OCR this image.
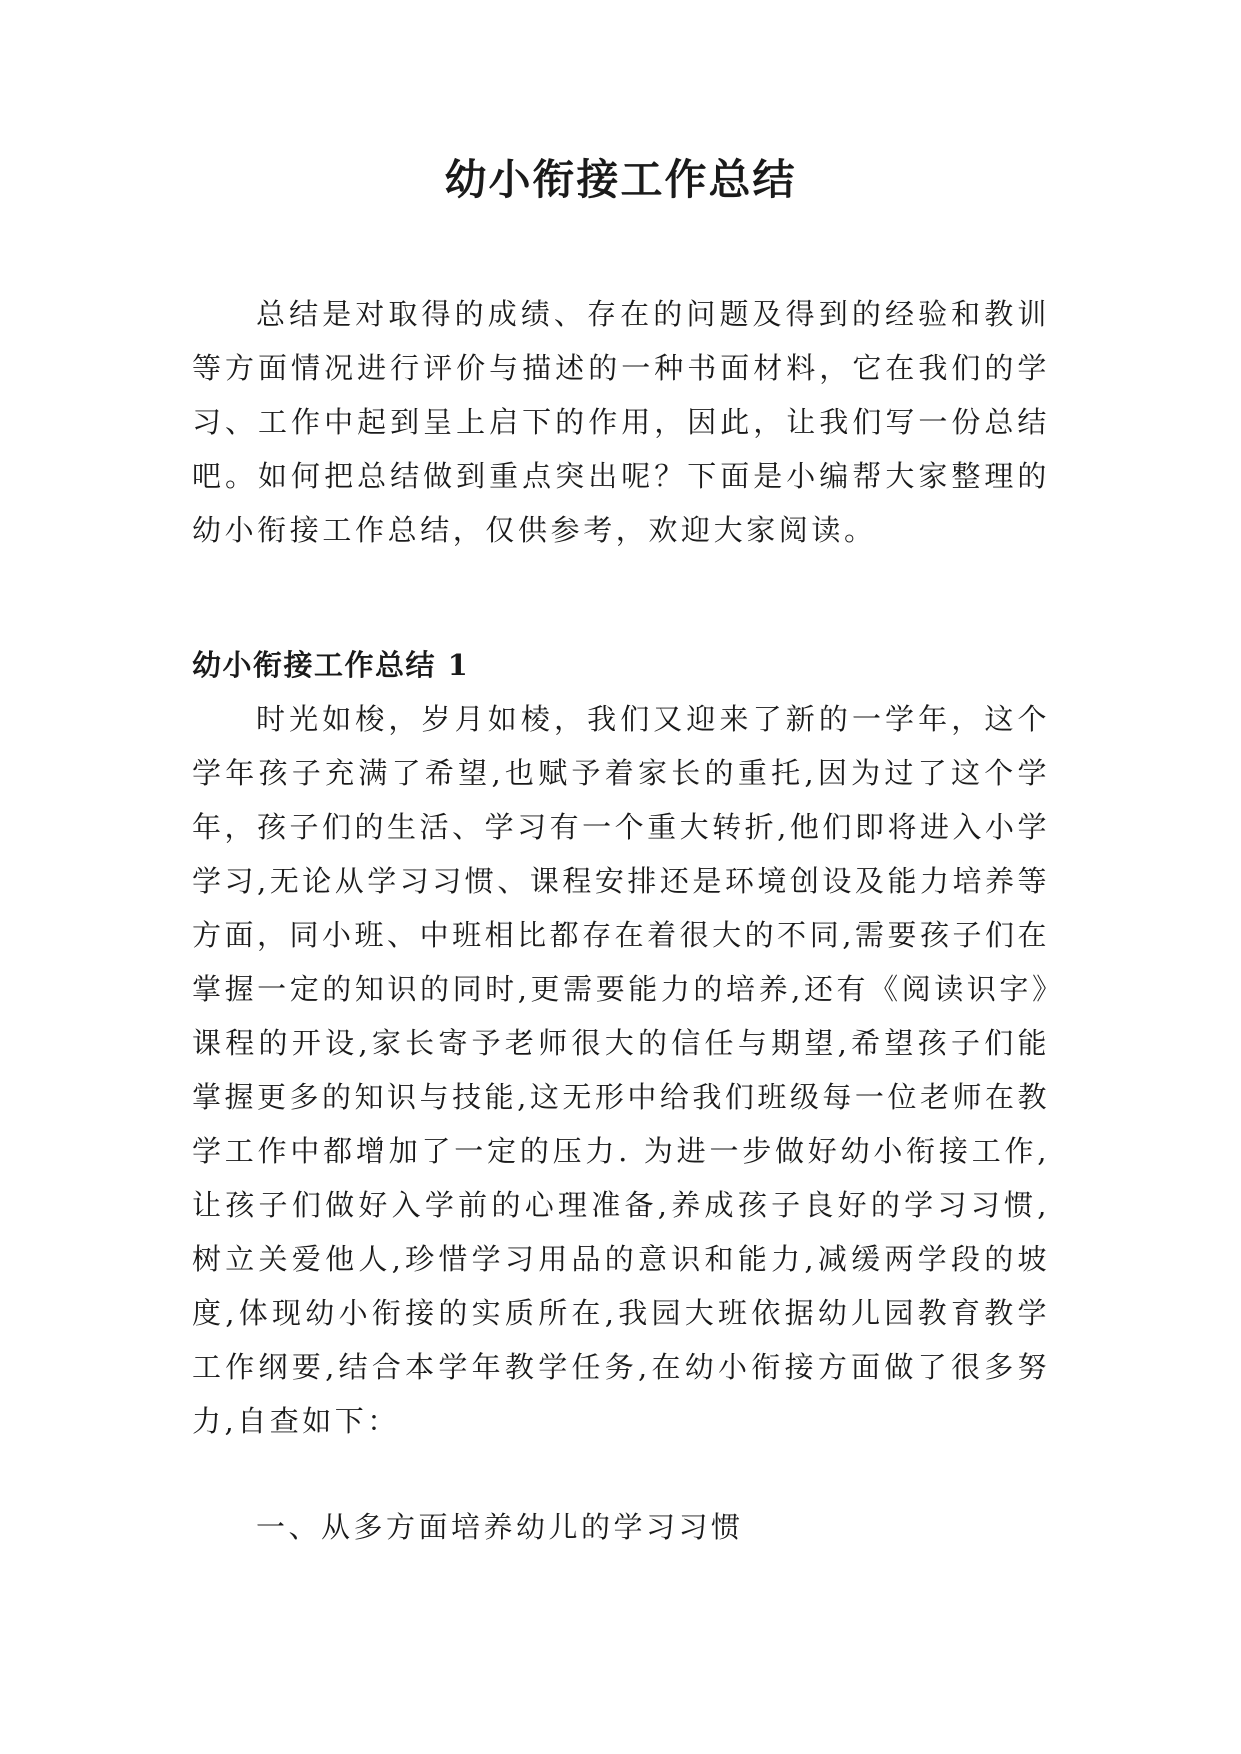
幼小衔接工作总结

总结是对取得的成绩、存在的问题及得到的经验和教训等方面情况进行评价与描述的一种书面材料，它在我们的学习、工作中起到呈上启下的作用，因此，让我们写一份总结吧。如何把总结做到重点突出呢？下面是小编帮大家整理的幼小衔接工作总结，仅供参考，欢迎大家阅读。

幼小衔接工作总结 1

时光如梭，岁月如棱，我们又迎来了新的一学年，这个学年孩子充满了希望,也赋予着家长的重托,因为过了这个学年，孩子们的生活、学习有一个重大转折,他们即将进入小学学习,无论从学习习惯、课程安排还是环境创设及能力培养等方面，同小班、中班相比都存在着很大的不同,需要孩子们在掌握一定的知识的同时,更需要能力的培养,还有《阅读识字》课程的开设,家长寄予老师很大的信任与期望,希望孩子们能掌握更多的知识与技能,这无形中给我们班级每一位老师在教学工作中都增加了一定的压力. 为进一步做好幼小衔接工作,让孩子们做好入学前的心理准备,养成孩子良好的学习习惯,树立关爱他人,珍惜学习用品的意识和能力,减缓两学段的坡度,体现幼小衔接的实质所在,我园大班依据幼儿园教育教学工作纲要,结合本学年教学任务,在幼小衔接方面做了很多努力,自查如下：

一、从多方面培养幼儿的学习习惯
